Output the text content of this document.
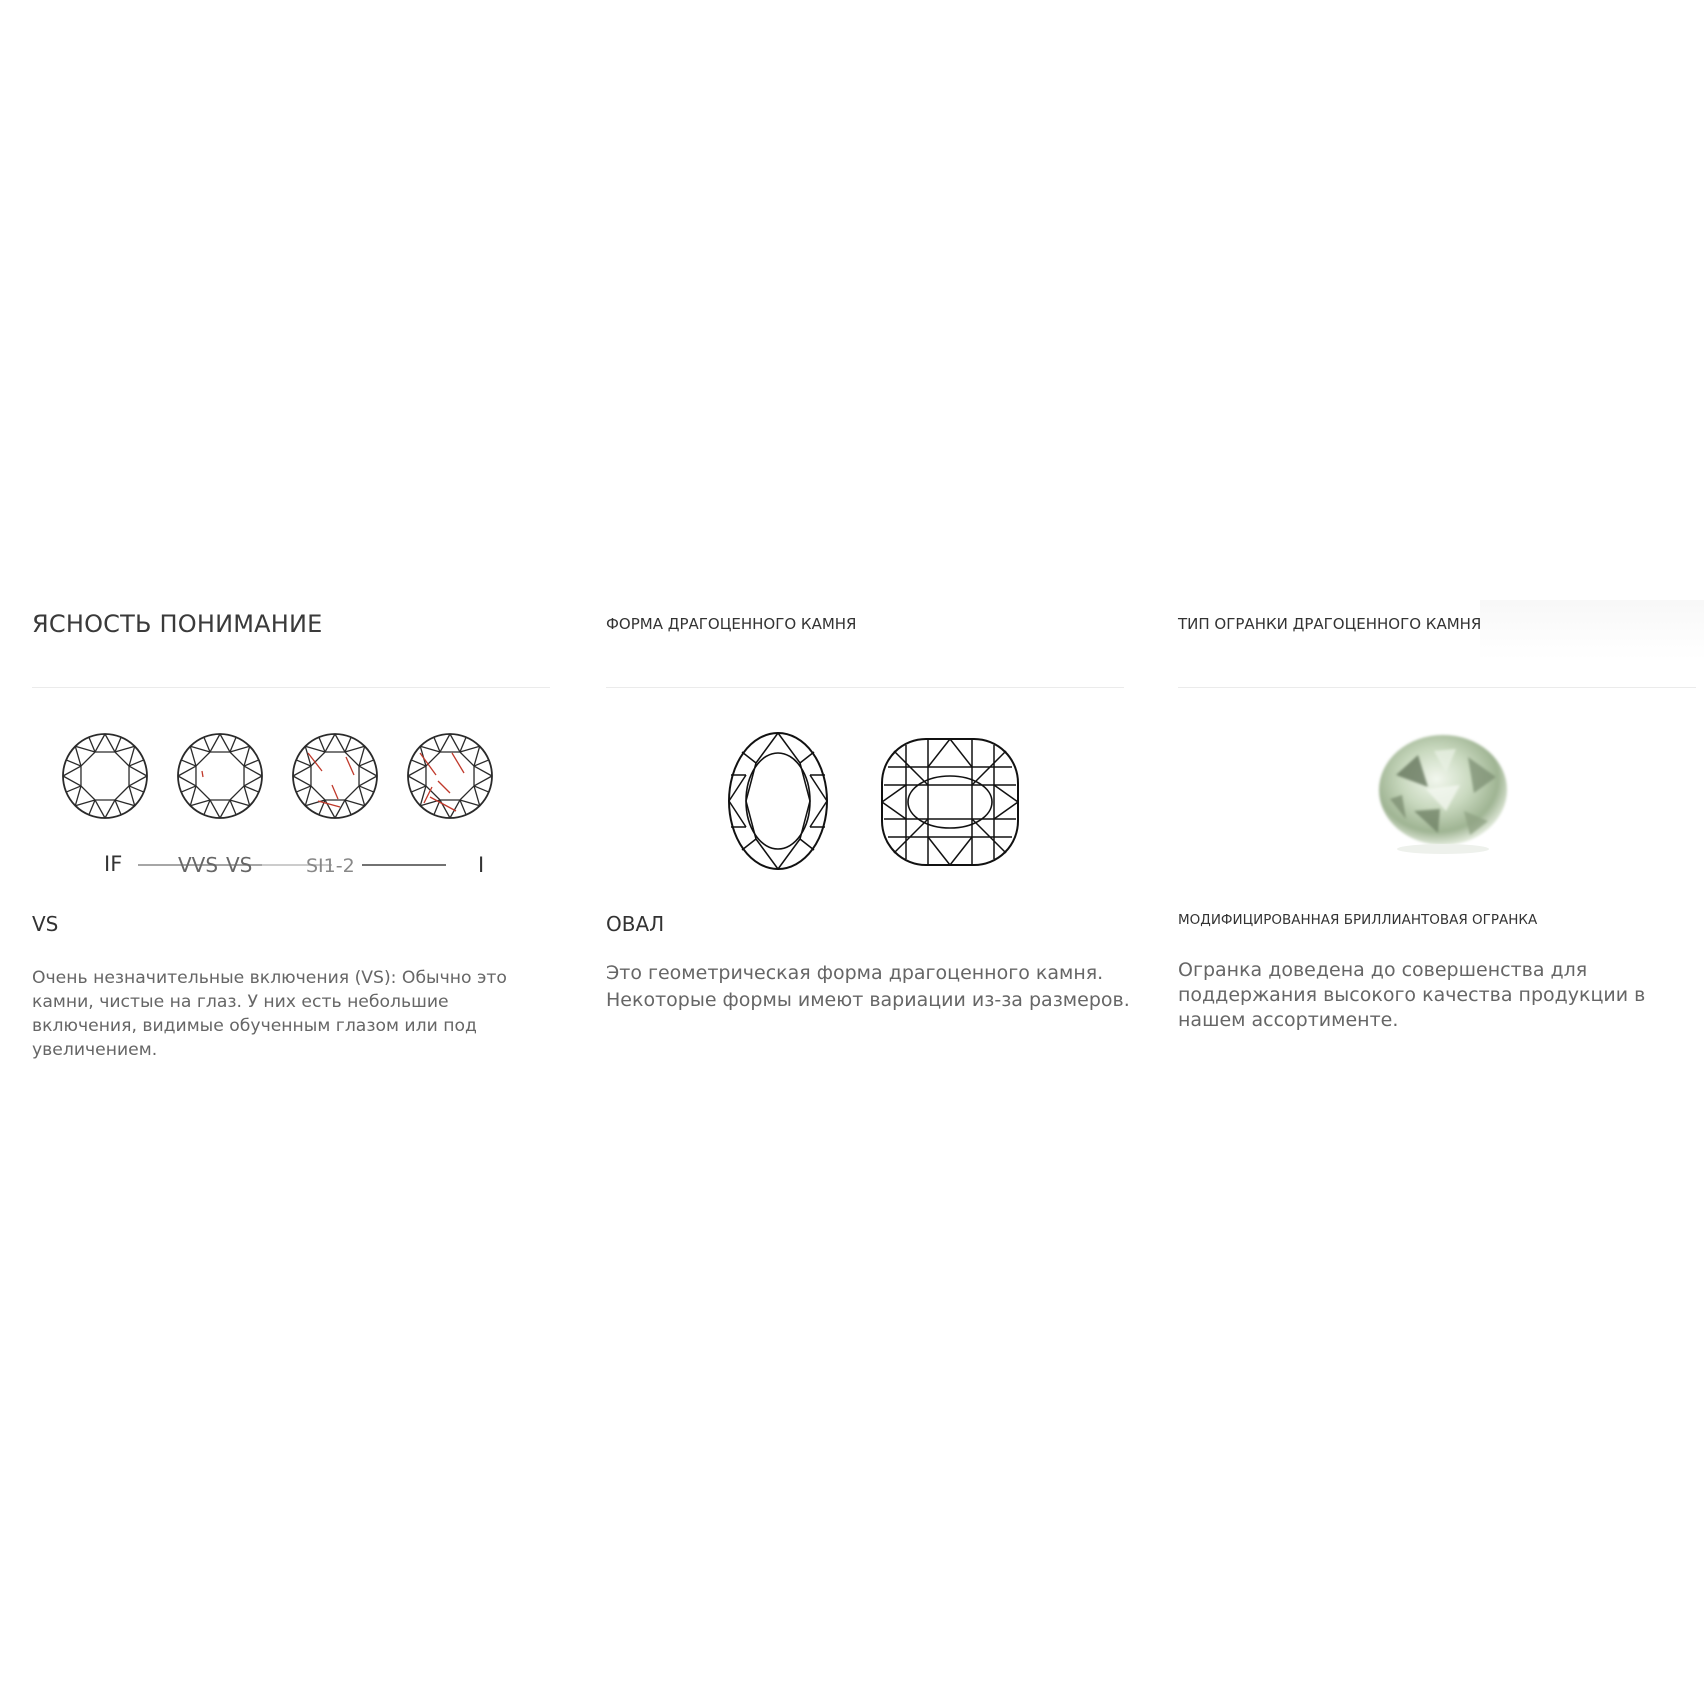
ЯСНОСТЬ ПОНИМАНИЕ
IF	VVS VS	SI1-2	I
VS

Очень незначительные включения (VS): Обычно это камни, чистые на глаз. У них есть небольшие включения, видимые обученным глазом или под увеличением.

ФОРМА ДРАГОЦЕННОГО КАМНЯ
ОВАЛ

Это геометрическая форма драгоценного камня. Некоторые формы имеют вариации из-за размеров.

ТИП ОГРАНКИ ДРАГОЦЕННОГО КАМНЯ
МОДИФИЦИРОВАННАЯ БРИЛЛИАНТОВАЯ ОГРАНКА

Огранка доведена до совершенства для поддержания высокого качества продукции в нашем ассортименте.
